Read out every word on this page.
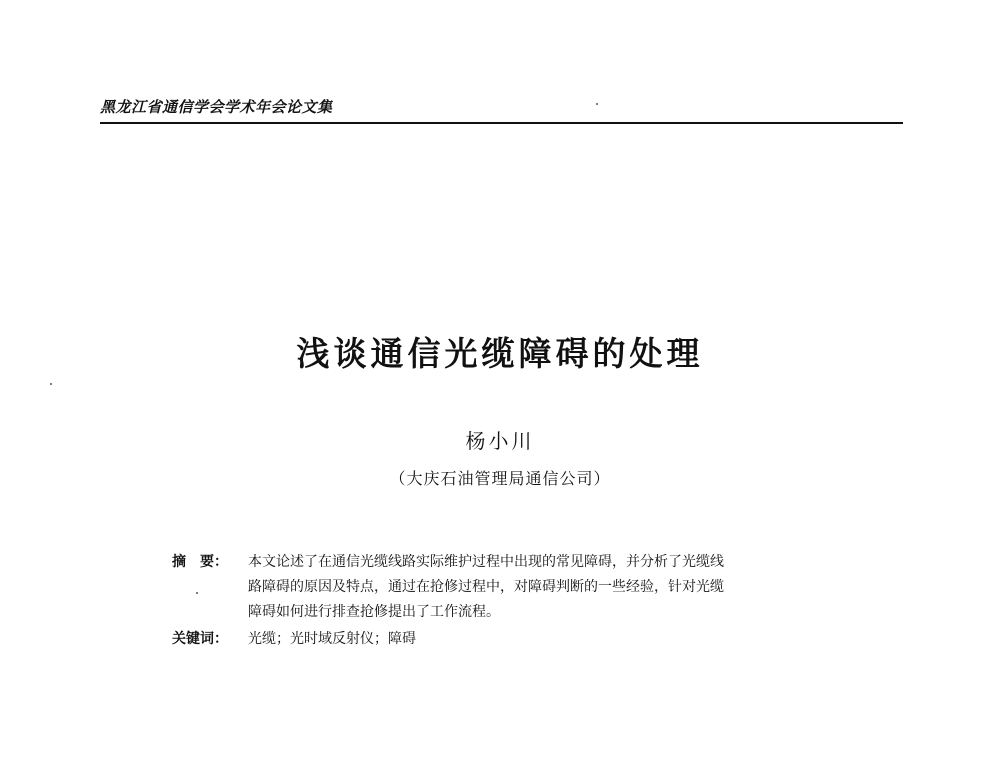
黑龙江省通信学会学术年会论文集
浅谈通信光缆障碍的处理
杨小川
（大庆石油管理局通信公司）
摘　要：	本文论述了在通信光缆线路实际维护过程中出现的常见障碍，并分析了光缆线
路障碍的原因及特点，通过在抢修过程中，对障碍判断的一些经验，针对光缆
障碍如何进行排查抢修提出了工作流程。
关键词：	光缆；光时域反射仪；障碍
